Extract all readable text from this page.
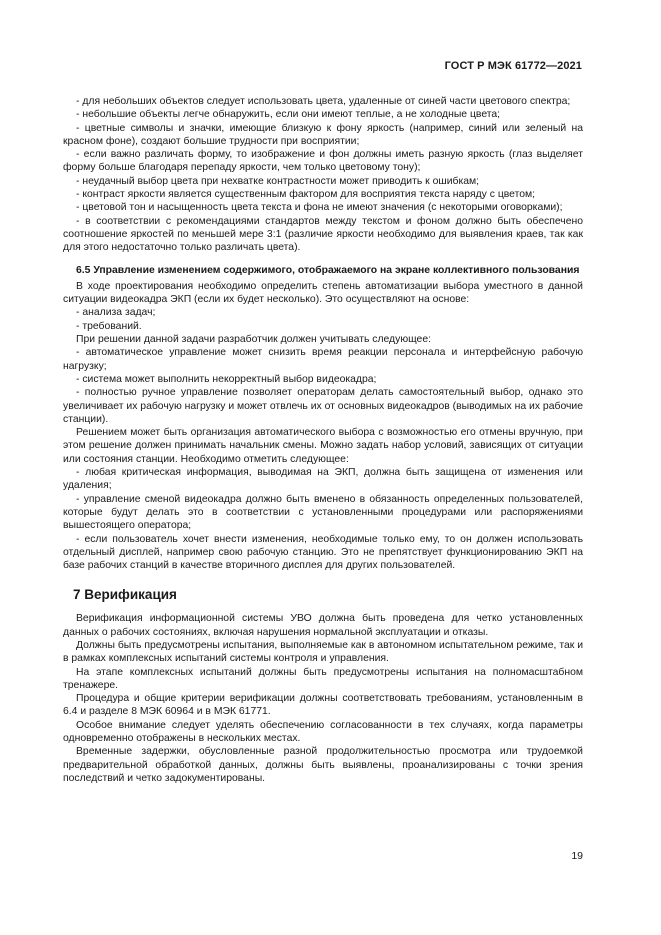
ГОСТ Р МЭК 61772—2021

- для небольших объектов следует использовать цвета, удаленные от синей части цветового спектра;

- небольшие объекты легче обнаружить, если они имеют теплые, а не холодные цвета;

- цветные символы и значки, имеющие близкую к фону яркость (например, синий или зеленый на красном фоне), создают большие трудности при восприятии;

- если важно различать форму, то изображение и фон должны иметь разную яркость (глаз выделяет форму больше благодаря перепаду яркости, чем только цветовому тону);

- неудачный выбор цвета при нехватке контрастности может приводить к ошибкам;

- контраст яркости является существенным фактором для восприятия текста наряду с цветом;

- цветовой тон и насыщенность цвета текста и фона не имеют значения (с некоторыми оговорками);

- в соответствии с рекомендациями стандартов между текстом и фоном должно быть обеспечено соотношение яркостей по меньшей мере 3:1 (различие яркости необходимо для выявления краев, так как для этого недостаточно только различать цвета).

6.5 Управление изменением содержимого, отображаемого на экране коллективного пользования

В ходе проектирования необходимо определить степень автоматизации выбора уместного в данной ситуации видеокадра ЭКП (если их будет несколько). Это осуществляют на основе:

- анализа задач;

- требований.

При решении данной задачи разработчик должен учитывать следующее:

- автоматическое управление может снизить время реакции персонала и интерфейсную рабочую нагрузку;

- система может выполнить некорректный выбор видеокадра;

- полностью ручное управление позволяет операторам делать самостоятельный выбор, однако это увеличивает их рабочую нагрузку и может отвлечь их от основных видеокадров (выводимых на их рабочие станции).

Решением может быть организация автоматического выбора с возможностью его отмены вручную, при этом решение должен принимать начальник смены. Можно задать набор условий, зависящих от ситуации или состояния станции. Необходимо отметить следующее:

- любая критическая информация, выводимая на ЭКП, должна быть защищена от изменения или удаления;

- управление сменой видеокадра должно быть вменено в обязанность определенных пользователей, которые будут делать это в соответствии с установленными процедурами или распоряжениями вышестоящего оператора;

- если пользователь хочет внести изменения, необходимые только ему, то он должен использовать отдельный дисплей, например свою рабочую станцию. Это не препятствует функционированию ЭКП на базе рабочих станций в качестве вторичного дисплея для других пользователей.

7 Верификация

Верификация информационной системы УВО должна быть проведена для четко установленных данных о рабочих состояниях, включая нарушения нормальной эксплуатации и отказы.

Должны быть предусмотрены испытания, выполняемые как в автономном испытательном режиме, так и в рамках комплексных испытаний системы контроля и управления.

На этапе комплексных испытаний должны быть предусмотрены испытания на полномасштабном тренажере.

Процедура и общие критерии верификации должны соответствовать требованиям, установленным в 6.4 и разделе 8 МЭК 60964 и в МЭК 61771.

Особое внимание следует уделять обеспечению согласованности в тех случаях, когда параметры одновременно отображены в нескольких местах.

Временные задержки, обусловленные разной продолжительностью просмотра или трудоемкой предварительной обработкой данных, должны быть выявлены, проанализированы с точки зрения последствий и четко задокументированы.

19
